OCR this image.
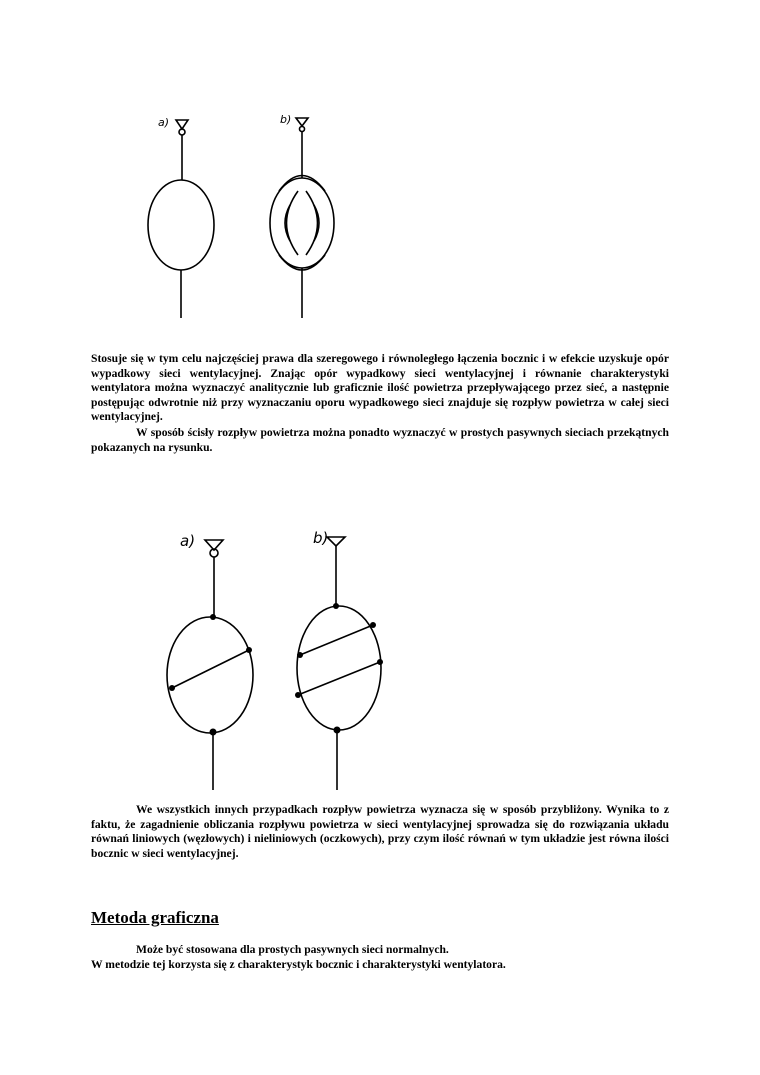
a)	b)

Stosuje się w tym celu najczęściej prawa dla szeregowego i równoległego łączenia bocznic i w efekcie uzyskuje opór wypadkowy sieci wentylacyjnej. Znając opór wypadkowy sieci wentylacyjnej i równanie charakterystyki wentylatora można wyznaczyć analitycznie lub graficznie ilość powietrza przepływającego przez sieć, a następnie postępując odwrotnie niż przy wyznaczaniu oporu wypadkowego sieci znajduje się rozpływ powietrza w całej sieci wentylacyjnej.

W sposób ścisły rozpływ powietrza można ponadto wyznaczyć w prostych pasywnych sieciach przekątnych pokazanych na rysunku.

a)	b)

We wszystkich innych przypadkach rozpływ powietrza wyznacza się w sposób przybliżony. Wynika to z faktu, że zagadnienie obliczania rozpływu powietrza w sieci wentylacyjnej sprowadza się do rozwiązania układu równań liniowych (węzłowych) i nieliniowych (oczkowych), przy czym ilość równań w tym układzie jest równa ilości bocznic w sieci wentylacyjnej.

Metoda graficzna

Może być stosowana dla prostych pasywnych sieci normalnych.

W metodzie tej korzysta się z charakterystyk bocznic i charakterystyki wentylatora.
